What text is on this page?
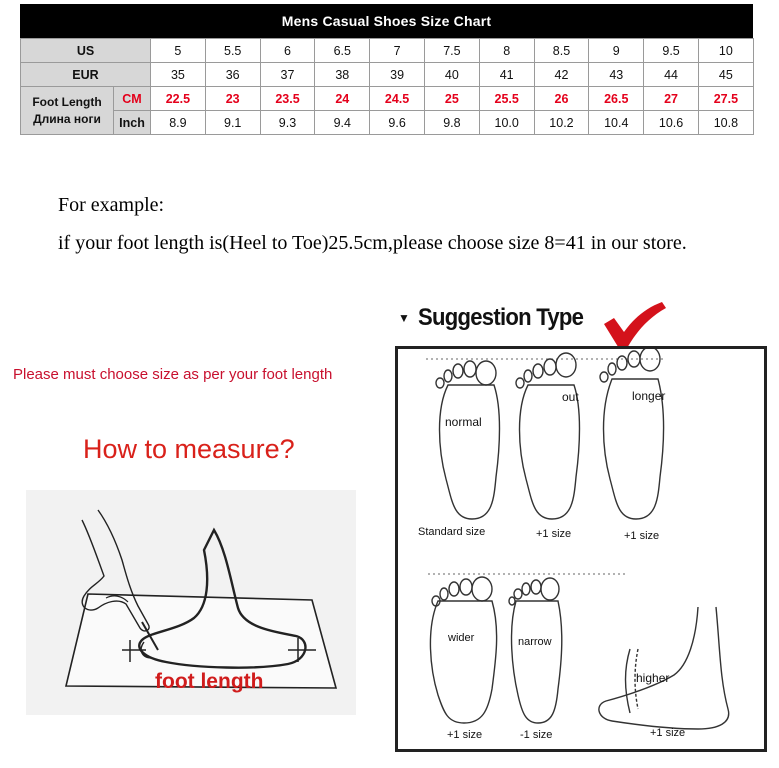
Mens Casual Shoes Size Chart
US		5	5.5	6	6.5	7	7.5	8	8.5	9	9.5	10
EUR		35	36	37	38	39	40	41	42	43	44	45

Foot Length
Длина ноги	CM	22.5	23	23.5	24	24.5	25	25.5	26	26.5	27	27.5
	Inch	8.9	9.1	9.3	9.4	9.6	9.8	10.0	10.2	10.4	10.6	10.8
For example:
if your foot length is(Heel to Toe)25.5cm,please choose size 8=41 in our store.
Please must choose size as per your foot length
How to measure?
foot length
▼ Suggestion Type
normal
out	longer
Standard size	+1 size	+1 size
wider	narrow
higher
+1 size	-1 size	+1 size
